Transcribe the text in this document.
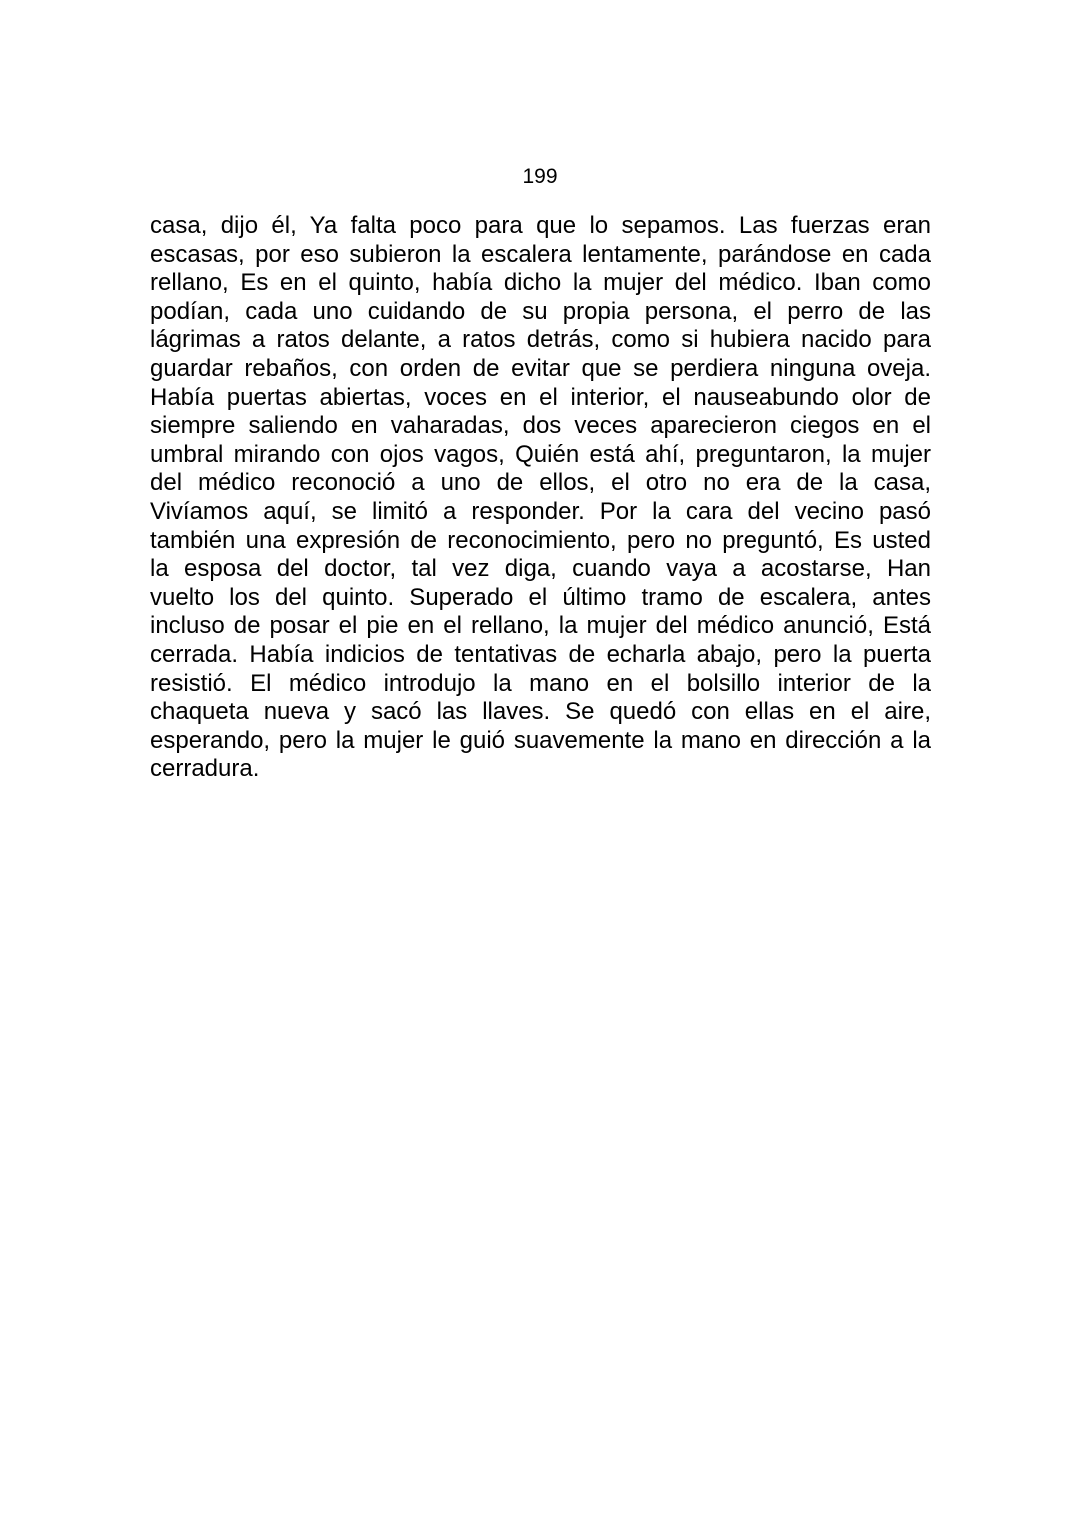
199
casa, dijo él, Ya falta poco para que lo sepamos. Las fuerzas eran
escasas, por eso subieron la escalera lentamente, parándose en cada
rellano, Es en el quinto, había dicho la mujer del médico. Iban como
podían, cada uno cuidando de su propia persona, el perro de las
lágrimas a ratos delante, a ratos detrás, como si hubiera nacido para
guardar rebaños, con orden de evitar que se perdiera ninguna oveja.
Había puertas abiertas, voces en el interior, el nauseabundo olor de
siempre saliendo en vaharadas, dos veces aparecieron ciegos en el
umbral mirando con ojos vagos, Quién está ahí, preguntaron, la mujer
del médico reconoció a uno de ellos, el otro no era de la casa,
Vivíamos aquí, se limitó a responder. Por la cara del vecino pasó
también una expresión de reconocimiento, pero no preguntó, Es usted
la esposa del doctor, tal vez diga, cuando vaya a acostarse, Han
vuelto los del quinto. Superado el último tramo de escalera, antes
incluso de posar el pie en el rellano, la mujer del médico anunció, Está
cerrada. Había indicios de tentativas de echarla abajo, pero la puerta
resistió. El médico introdujo la mano en el bolsillo interior de la
chaqueta nueva y sacó las llaves. Se quedó con ellas en el aire,
esperando, pero la mujer le guió suavemente la mano en dirección a la
cerradura.
